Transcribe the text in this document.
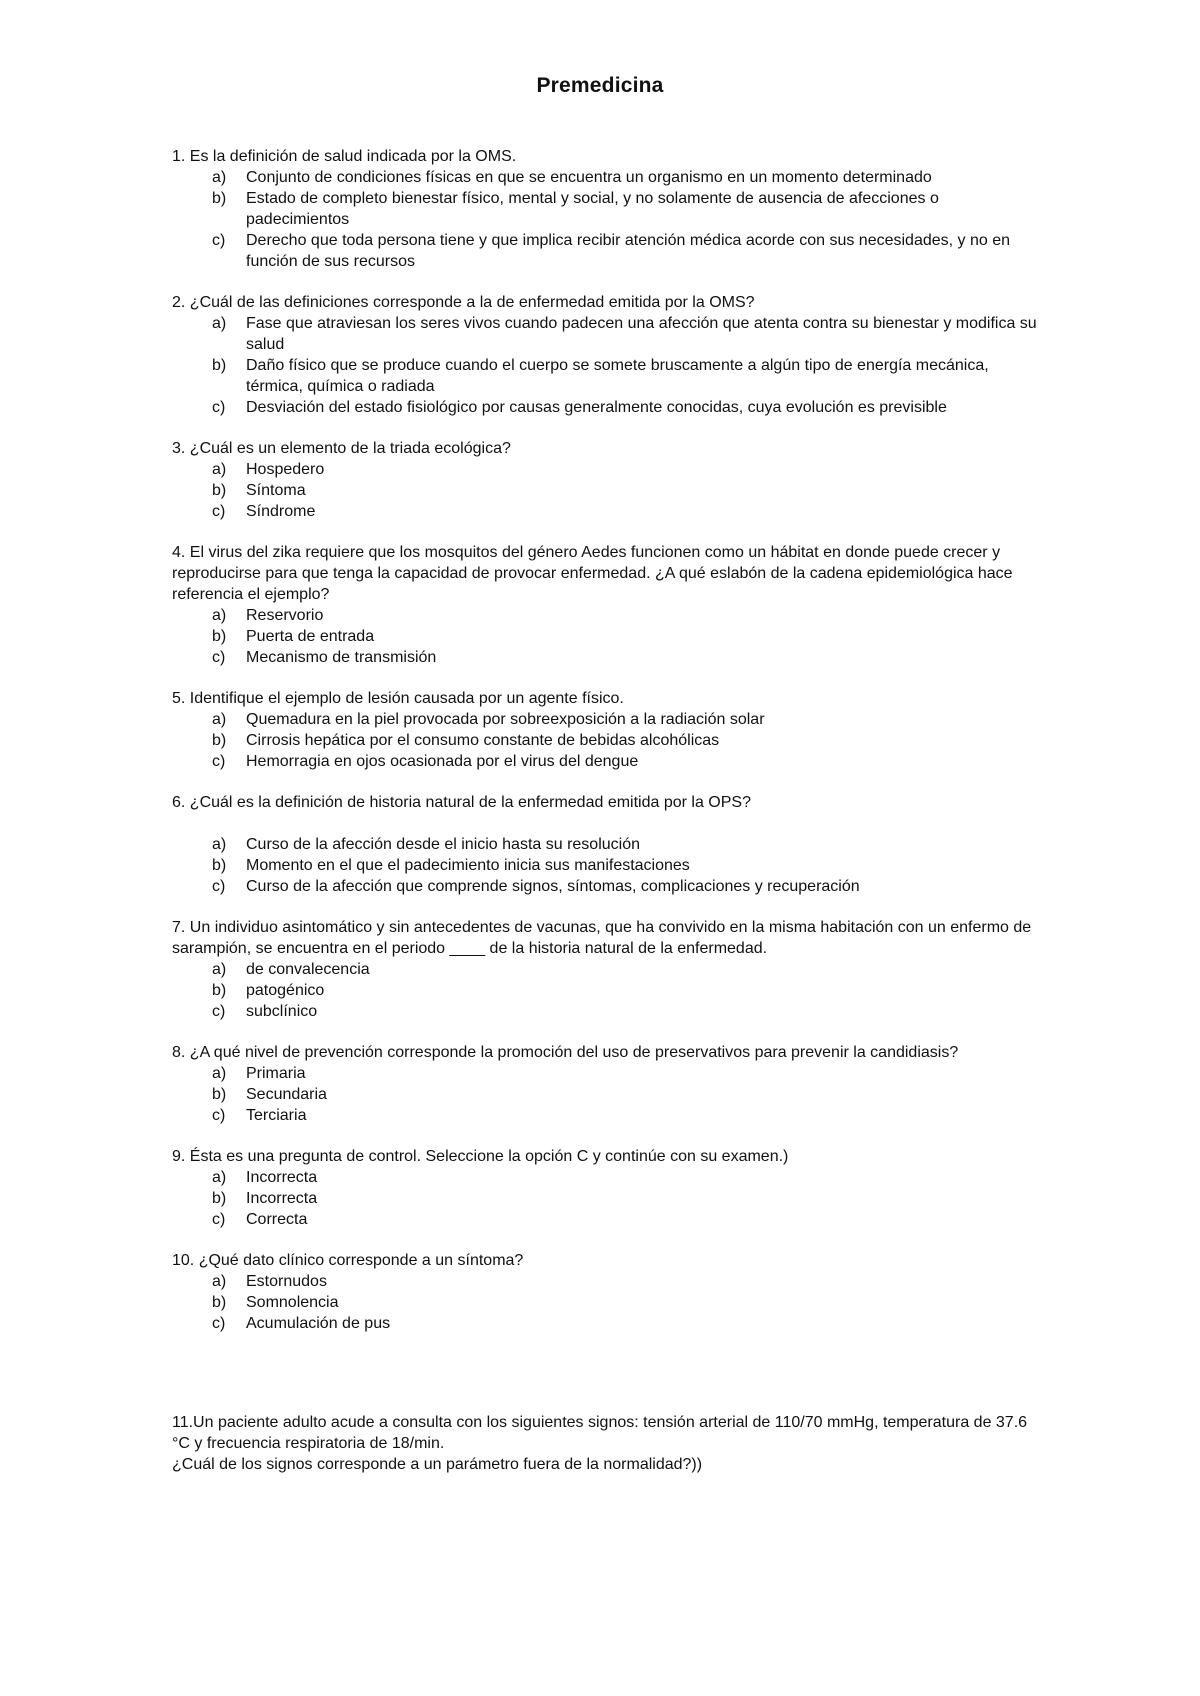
Premedicina

1. Es la definición de salud indicada por la OMS.

a) Conjunto de condiciones físicas en que se encuentra un organismo en un momento determinado
b) Estado de completo bienestar físico, mental y social, y no solamente de ausencia de afecciones o padecimientos
c) Derecho que toda persona tiene y que implica recibir atención médica acorde con sus necesidades, y no en función de sus recursos

2. ¿Cuál de las definiciones corresponde a la de enfermedad emitida por la OMS?

a) Fase que atraviesan los seres vivos cuando padecen una afección que atenta contra su bienestar y modifica su salud
b) Daño físico que se produce cuando el cuerpo se somete bruscamente a algún tipo de energía mecánica, térmica, química o radiada
c) Desviación del estado fisiológico por causas generalmente conocidas, cuya evolución es previsible

3. ¿Cuál es un elemento de la triada ecológica?

a) Hospedero
b) Síntoma
c) Síndrome

4. El virus del zika requiere que los mosquitos del género Aedes funcionen como un hábitat en donde puede crecer y reproducirse para que tenga la capacidad de provocar enfermedad. ¿A qué eslabón de la cadena epidemiológica hace referencia el ejemplo?

a) Reservorio
b) Puerta de entrada
c) Mecanismo de transmisión

5. Identifique el ejemplo de lesión causada por un agente físico.

a) Quemadura en la piel provocada por sobreexposición a la radiación solar
b) Cirrosis hepática por el consumo constante de bebidas alcohólicas
c) Hemorragia en ojos ocasionada por el virus del dengue

6. ¿Cuál es la definición de historia natural de la enfermedad emitida por la OPS?

a) Curso de la afección desde el inicio hasta su resolución
b) Momento en el que el padecimiento inicia sus manifestaciones
c) Curso de la afección que comprende signos, síntomas, complicaciones y recuperación

7. Un individuo asintomático y sin antecedentes de vacunas, que ha convivido en la misma habitación con un enfermo de sarampión, se encuentra en el periodo ____ de la historia natural de la enfermedad.

a) de convalecencia
b) patogénico
c) subclínico

8. ¿A qué nivel de prevención corresponde la promoción del uso de preservativos para prevenir la candidiasis?

a) Primaria
b) Secundaria
c) Terciaria

9. Ésta es una pregunta de control. Seleccione la opción C y continúe con su examen.)

a) Incorrecta
b) Incorrecta
c) Correcta

10. ¿Qué dato clínico corresponde a un síntoma?

a) Estornudos
b) Somnolencia
c) Acumulación de pus

11.Un paciente adulto acude a consulta con los siguientes signos: tensión arterial de 110/70 mmHg, temperatura de 37.6 °C y frecuencia respiratoria de 18/min.

¿Cuál de los signos corresponde a un parámetro fuera de la normalidad?))
